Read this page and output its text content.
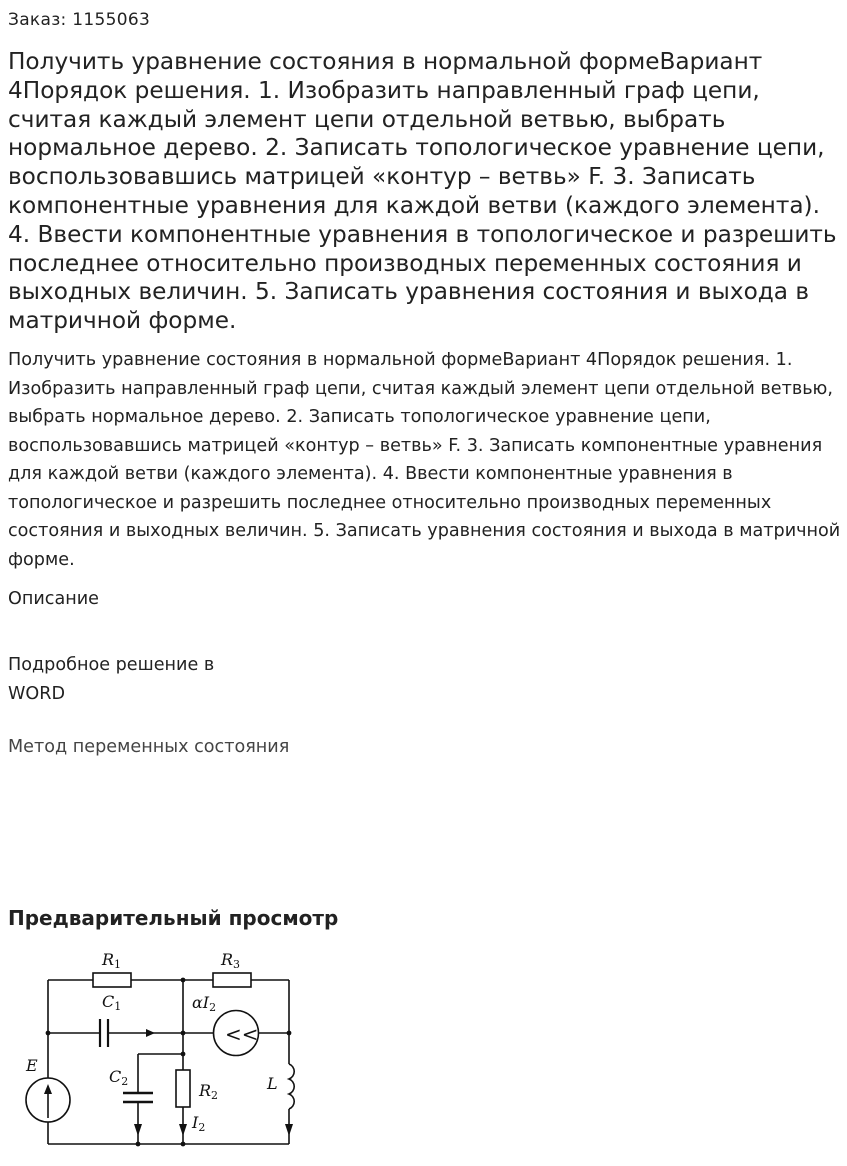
Заказ: 1155063
Получить уравнение состояния в нормальной формеВариант 4Порядок решения. 1. Изобразить направленный граф цепи, считая каждый элемент цепи отдельной ветвью, выбрать нормальное дерево. 2. Записать топологическое уравнение цепи, воспользовавшись матрицей «контур – ветвь» F. 3. Записать компонентные уравнения для каждой ветви (каждого элемента). 4. Ввести компонентные уравнения в топологическое и разрешить последнее относительно производных переменных состояния и выходных величин. 5. Записать уравнения состояния и выхода в матричной форме.
Получить уравнение состояния в нормальной формеВариант 4Порядок решения. 1. Изобразить направленный граф цепи, считая каждый элемент цепи отдельной ветвью, выбрать нормальное дерево. 2. Записать топологическое уравнение цепи, воспользовавшись матрицей «контур – ветвь» F. 3. Записать компонентные уравнения для каждой ветви (каждого элемента). 4. Ввести компонентные уравнения в топологическое и разрешить последнее относительно производных переменных состояния и выходных величин. 5. Записать уравнения состояния и выхода в матричной форме.
Описание
Подробное решение в WORD
Метод переменных состояния
Предварительный просмотр
<<
R1	R3
C1	αI2
E
C2	R2
L
I2
